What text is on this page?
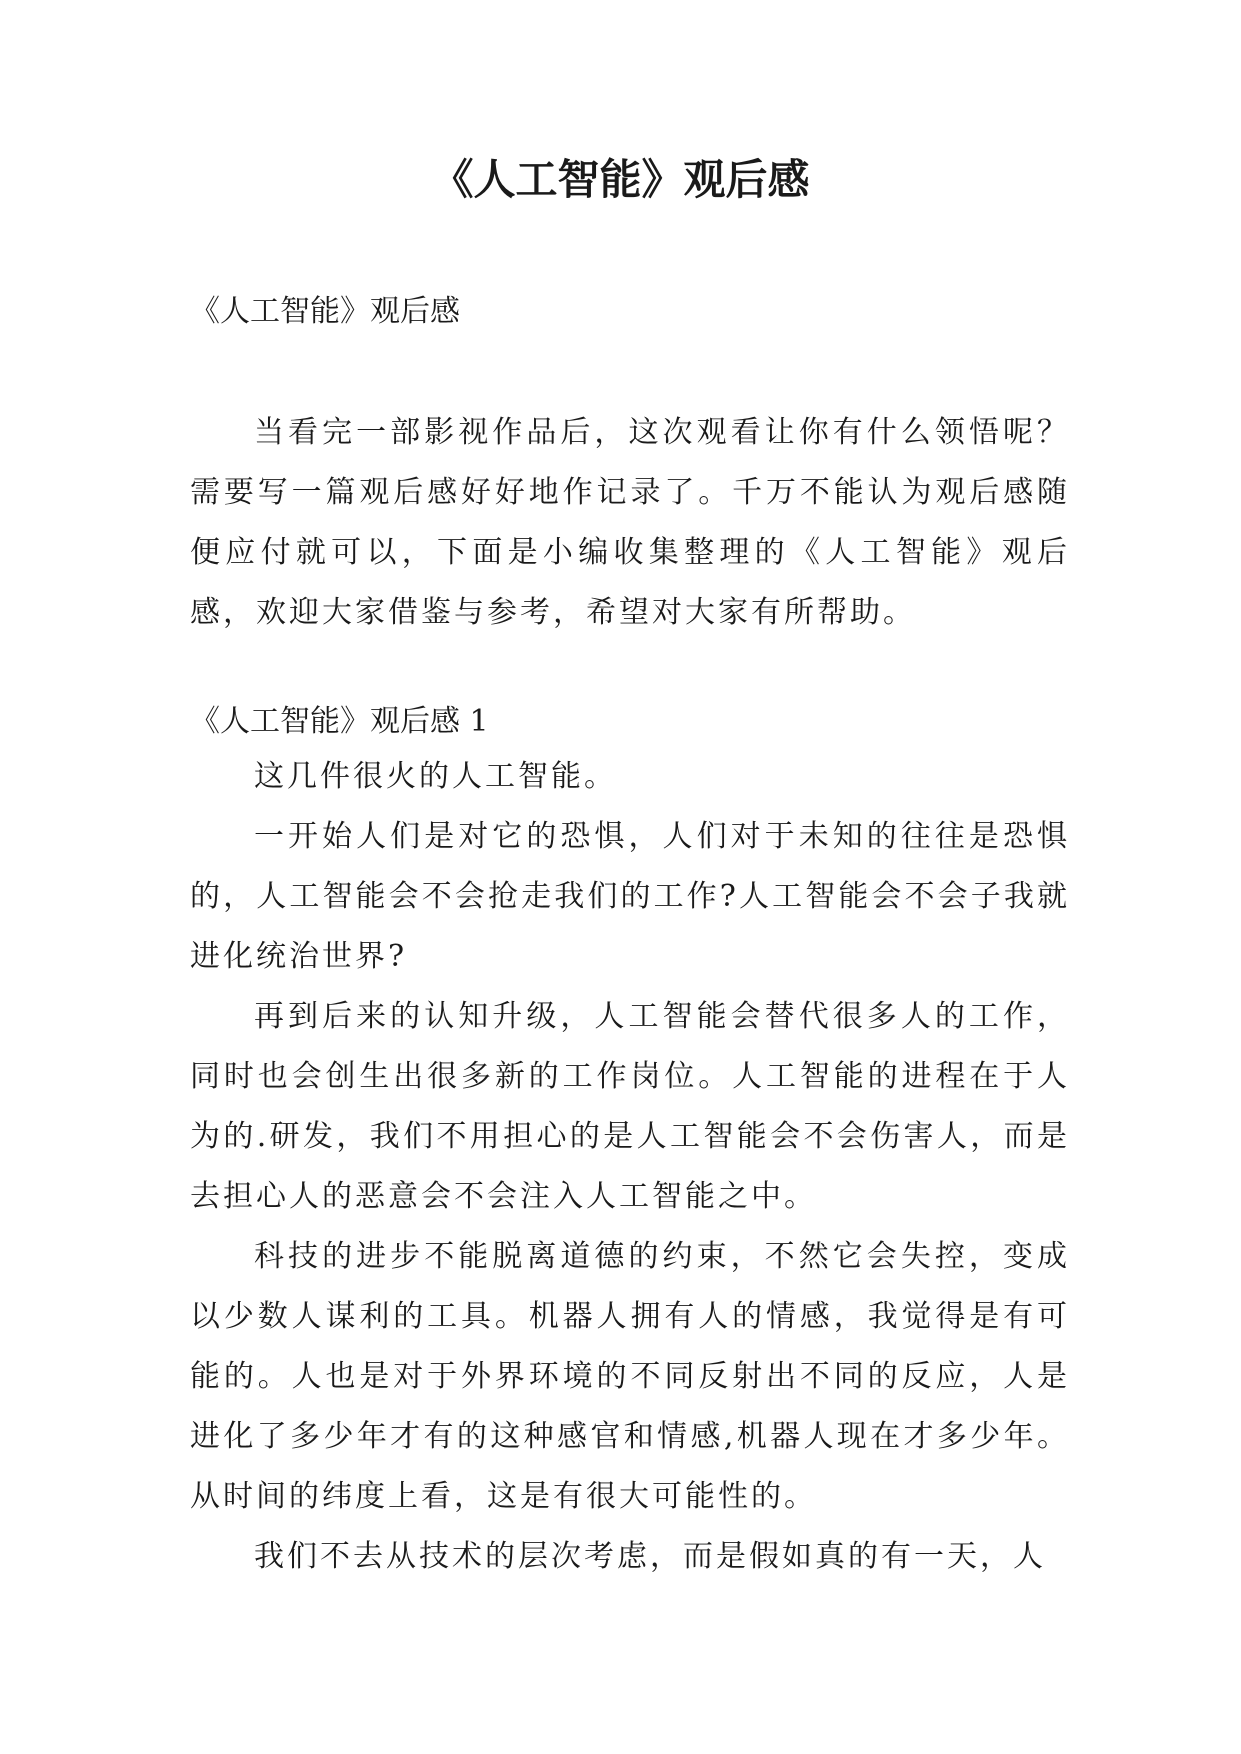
《人工智能》观后感

《人工智能》观后感

当看完一部影视作品后，这次观看让你有什么领悟呢？需要写一篇观后感好好地作记录了。千万不能认为观后感随便应付就可以，下面是小编收集整理的《人工智能》观后感，欢迎大家借鉴与参考，希望对大家有所帮助。

《人工智能》观后感 1

这几件很火的人工智能。

一开始人们是对它的恐惧，人们对于未知的往往是恐惧的，人工智能会不会抢走我们的工作?人工智能会不会子我就进化统治世界?

再到后来的认知升级，人工智能会替代很多人的工作，同时也会创生出很多新的工作岗位。人工智能的进程在于人为的.研发，我们不用担心的是人工智能会不会伤害人，而是去担心人的恶意会不会注入人工智能之中。

科技的进步不能脱离道德的约束，不然它会失控，变成以少数人谋利的工具。机器人拥有人的情感，我觉得是有可能的。人也是对于外界环境的不同反射出不同的反应，人是进化了多少年才有的这种感官和情感,机器人现在才多少年。从时间的纬度上看，这是有很大可能性的。

我们不去从技术的层次考虑，而是假如真的有一天，人
